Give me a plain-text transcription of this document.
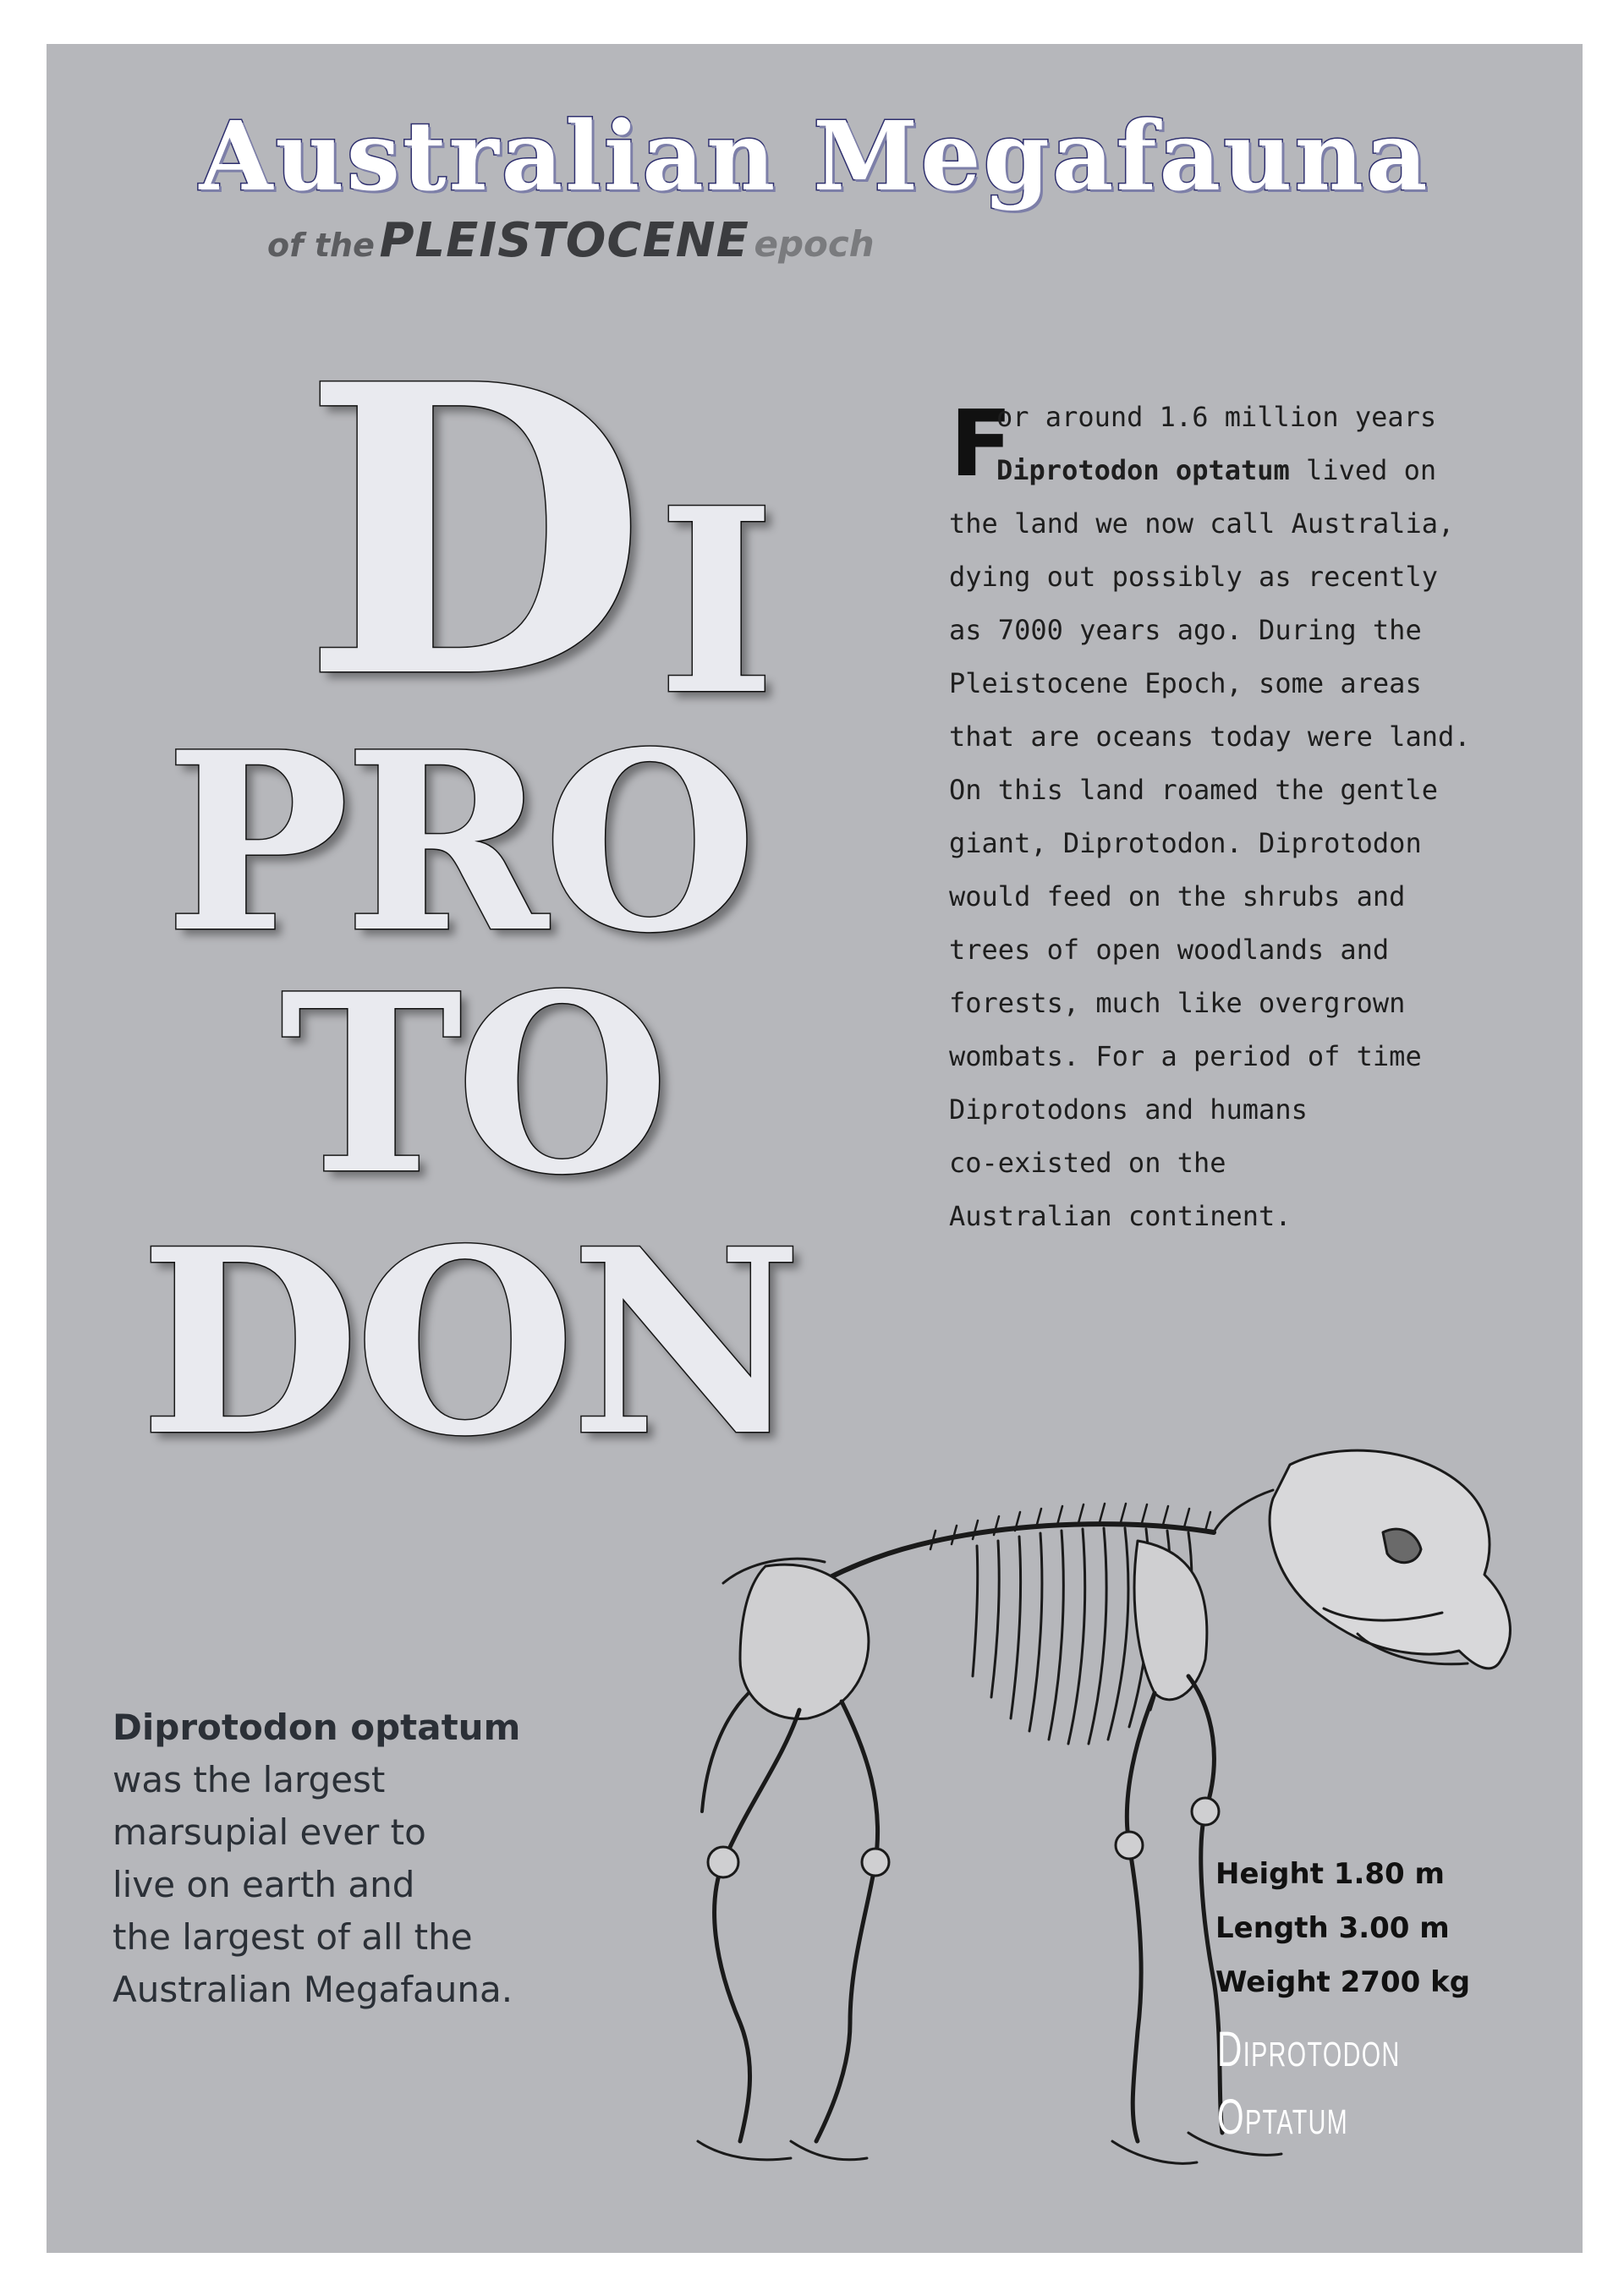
Australian Megafauna
of the PLEISTOCENE epoch
D I
PRO
TO
DON
F
or around 1.6 million years
Diprotodon optatum lived on
the land we now call Australia,
dying out possibly as recently
as 7000 years ago. During the
Pleistocene Epoch, some areas
that are oceans today were land.
On this land roamed the gentle
giant, Diprotodon. Diprotodon
would feed on the shrubs and
trees of open woodlands and
forests, much like overgrown
wombats. For a period of time
Diprotodons and humans
co-existed on the
Australian continent.
Diprotodon optatum
was the largest
marsupial ever to
live on earth and
the largest of all the
Australian Megafauna.
Height 1.80 m
Length 3.00 m
Weight 2700 kg
Diprotodon
Optatum
